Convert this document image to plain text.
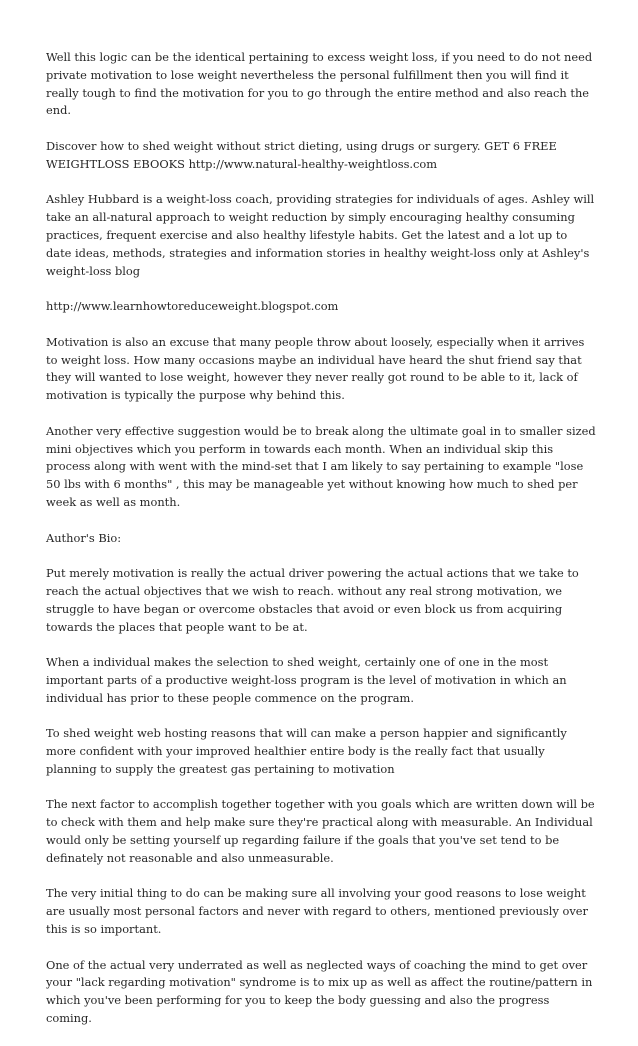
Well this logic can be the identical pertaining to excess weight loss, if you need to do not need private motivation to lose weight nevertheless the personal fulfillment then you will find it really tough to find the motivation for you to go through the entire method and also reach the end.

Discover how to shed weight without strict dieting, using drugs or surgery. GET 6 FREE WEIGHTLOSS EBOOKS http://www.natural-healthy-weightloss.com

Ashley Hubbard is a weight-loss coach, providing strategies for individuals of ages. Ashley will take an all-natural approach to weight reduction by simply encouraging healthy consuming practices, frequent exercise and also healthy lifestyle habits. Get the latest and a lot up to date ideas, methods, strategies and information stories in healthy weight-loss only at Ashley's weight-loss blog

http://www.learnhowtoreduceweight.blogspot.com

Motivation is also an excuse that many people throw about loosely, especially when it arrives to weight loss. How many occasions maybe an individual have heard the shut friend say that they will wanted to lose weight, however they never really got round to be able to it, lack of motivation is typically the purpose why behind this.

Another very effective suggestion would be to break along the ultimate goal in to smaller sized mini objectives which you perform in towards each month. When an individual skip this process along with went with the mind-set that I am likely to say pertaining to example "lose 50 lbs with 6 months" , this may be manageable yet without knowing how much to shed per week as well as month.

Author's Bio:

Put merely motivation is really the actual driver powering the actual actions that we take to reach the actual objectives that we wish to reach. without any real strong motivation, we struggle to have began or overcome obstacles that avoid or even block us from acquiring towards the places that people want to be at.

When a individual makes the selection to shed weight, certainly one of one in the most important parts of a productive weight-loss program is the level of motivation in which an individual has prior to these people commence on the program.

To shed weight web hosting reasons that will can make a person happier and significantly more confident with your improved healthier entire body is the really fact that usually planning to supply the greatest gas pertaining to motivation

The next factor to accomplish together together with you goals which are written down will be to check with them and help make sure they're practical along with measurable. An Individual would only be setting yourself up regarding failure if the goals that you've set tend to be definately not reasonable and also unmeasurable.

The very initial thing to do can be making sure all involving your good reasons to lose weight are usually most personal factors and never with regard to others, mentioned previously over this is so important.

One of the actual very underrated as well as neglected ways of coaching the mind to get over your "lack regarding motivation" syndrome is to mix up as well as affect the routine/pattern in which you've been performing for you to keep the body guessing and also the progress coming.
